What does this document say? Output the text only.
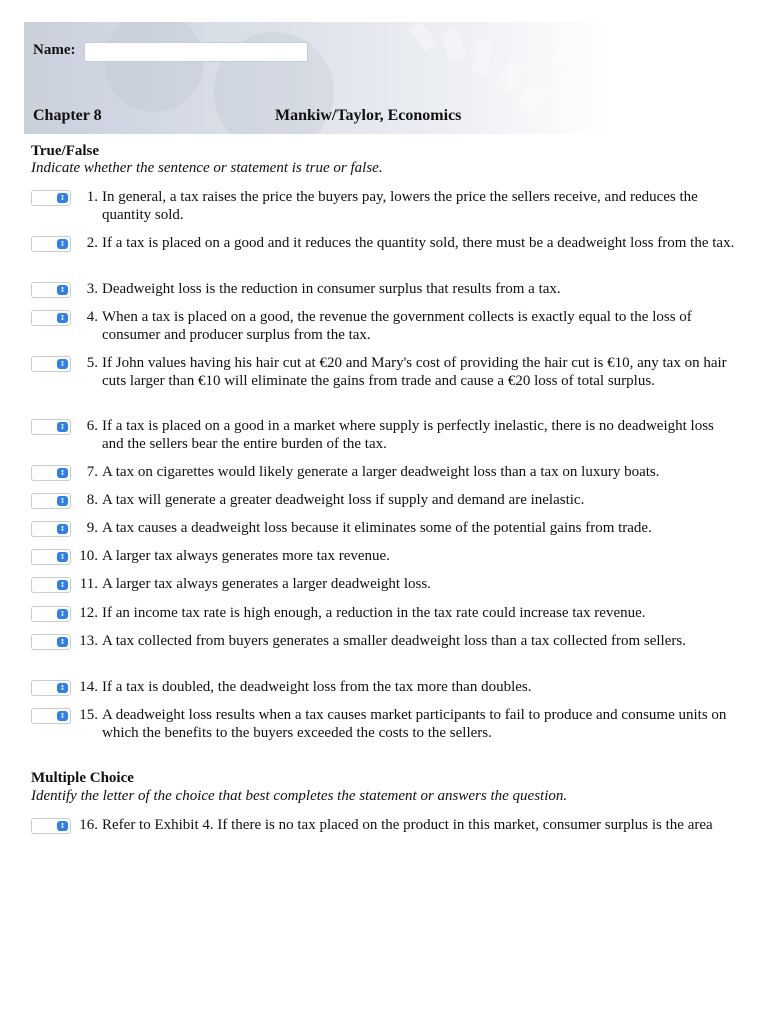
Name:
Chapter 8	Mankiw/Taylor, Economics
True/False
Indicate whether the sentence or statement is true or false.
↕	1. In general, a tax raises the price the buyers pay, lowers the price the sellers receive, and reduces the quantity sold.
↕	2. If a tax is placed on a good and it reduces the quantity sold, there must be a deadweight loss from the tax.
↕	3. Deadweight loss is the reduction in consumer surplus that results from a tax.
↕	4. When a tax is placed on a good, the revenue the government collects is exactly equal to the loss of consumer and producer surplus from the tax.
↕	5. If John values having his hair cut at €20 and Mary's cost of providing the hair cut is €10, any tax on hair cuts larger than €10 will eliminate the gains from trade and cause a €20 loss of total surplus.
↕	6. If a tax is placed on a good in a market where supply is perfectly inelastic, there is no deadweight loss and the sellers bear the entire burden of the tax.
↕	7. A tax on cigarettes would likely generate a larger deadweight loss than a tax on luxury boats.
↕	8. A tax will generate a greater deadweight loss if supply and demand are inelastic.
↕	9. A tax causes a deadweight loss because it eliminates some of the potential gains from trade.
↕ 10. A larger tax always generates more tax revenue.
↕ 11. A larger tax always generates a larger deadweight loss.
↕ 12. If an income tax rate is high enough, a reduction in the tax rate could increase tax revenue.
↕ 13. A tax collected from buyers generates a smaller deadweight loss than a tax collected from sellers.
↕ 14. If a tax is doubled, the deadweight loss from the tax more than doubles.
↕ 15. A deadweight loss results when a tax causes market participants to fail to produce and consume units on which the benefits to the buyers exceeded the costs to the sellers.
Multiple Choice
Identify the letter of the choice that best completes the statement or answers the question.
↕ 16. Refer to Exhibit 4. If there is no tax placed on the product in this market, consumer surplus is the area
